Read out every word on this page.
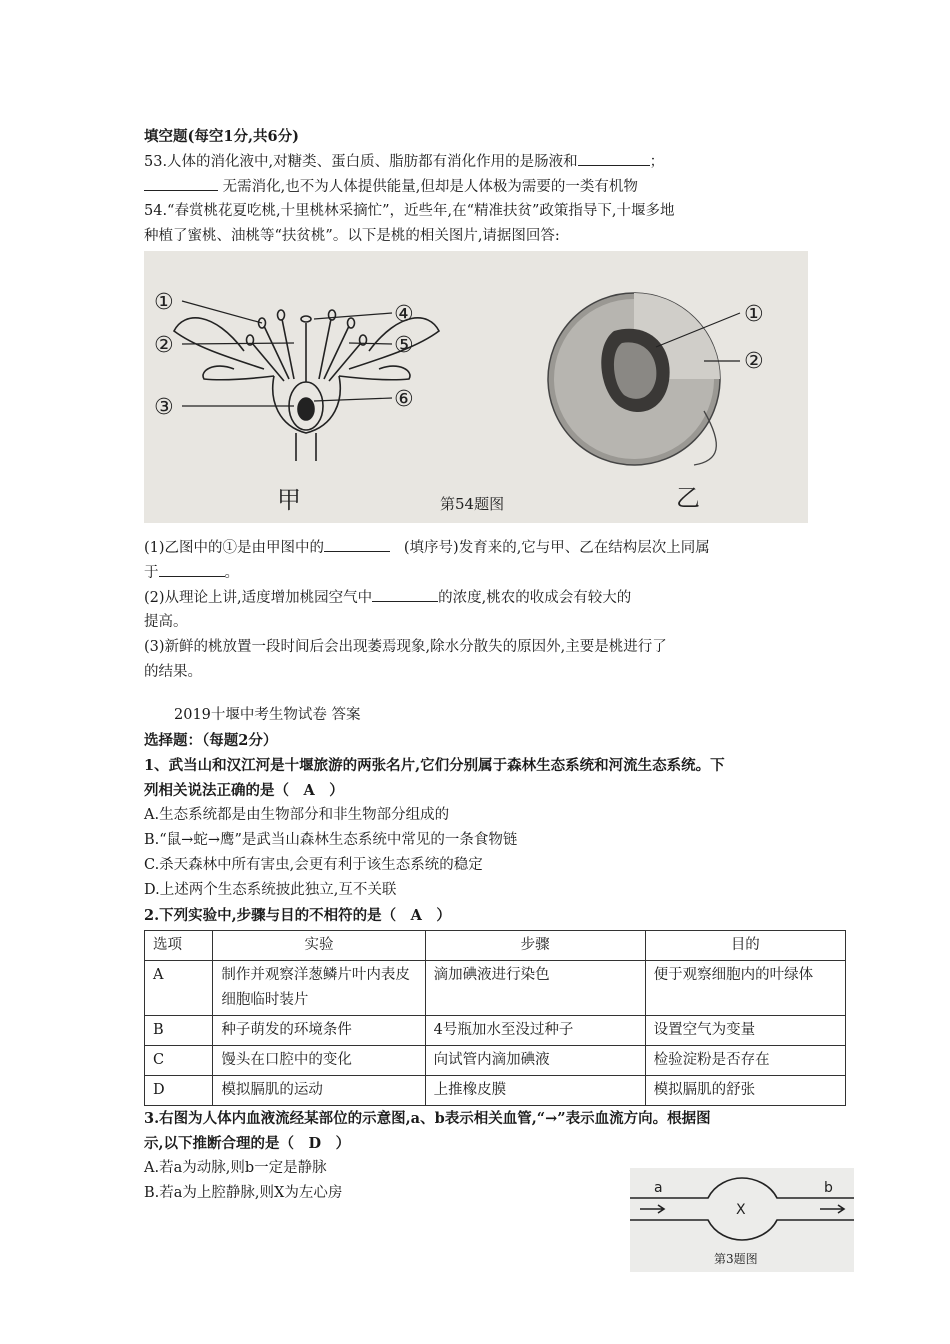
填空题(每空1分,共6分)
53.人体的消化液中,对糖类、蛋白质、脂肪都有消化作用的是肠液和	；
无需消化,也不为人体提供能量,但却是人体极为需要的一类有机物
54.“春赏桃花夏吃桃,十里桃林采摘忙”，近些年,在“精准扶贫”政策指导下,十堰多地
种植了蜜桃、油桃等“扶贫桃”。以下是桃的相关图片,请据图回答:
①
②
③
④
⑤
⑥
①
②
甲	第54题图	乙
(1)乙图中的①是由甲图中的	(填序号)发育来的,它与甲、乙在结构层次上同属
于	。
(2)从理论上讲,适度增加桃园空气中	的浓度,桃农的收成会有较大的
提高。
(3)新鲜的桃放置一段时间后会出现萎焉现象,除水分散失的原因外,主要是桃进行了
的结果。
2019十堰中考生物试卷 答案
选择题：（每题2分）
1、武当山和汉江河是十堰旅游的两张名片,它们分别属于森林生态系统和河流生态系统。下
列相关说法正确的是（　A　）
A.生态系统都是由生物部分和非生物部分组成的
B.“鼠→蛇→鹰”是武当山森林生态系统中常见的一条食物链
C.杀天森林中所有害虫,会更有利于该生态系统的稳定
D.上述两个生态系统披此独立,互不关联
2.下列实验中,步骤与目的不相符的是（　A　）
选项	实验	步骤	目的
A	制作并观察洋葱鳞片叶内表皮细胞临时装片	滴加碘液进行染色	便于观察细胞内的叶绿体
B	种子萌发的环境条件	4号瓶加水至没过种子	设置空气为变量
C	馒头在口腔中的变化	向试管内滴加碘液	检验淀粉是否存在
D	模拟膈肌的运动	上推橡皮膜	模拟膈肌的舒张
3.右图为人体内血液流经某部位的示意图,a、b表示相关血管,“→”表示血流方向。根据图
示,以下推断合理的是（　D　）
A.若a为动脉,则b一定是静脉
B.若a为上腔静脉,则X为左心房	a	b
X
第3题图
